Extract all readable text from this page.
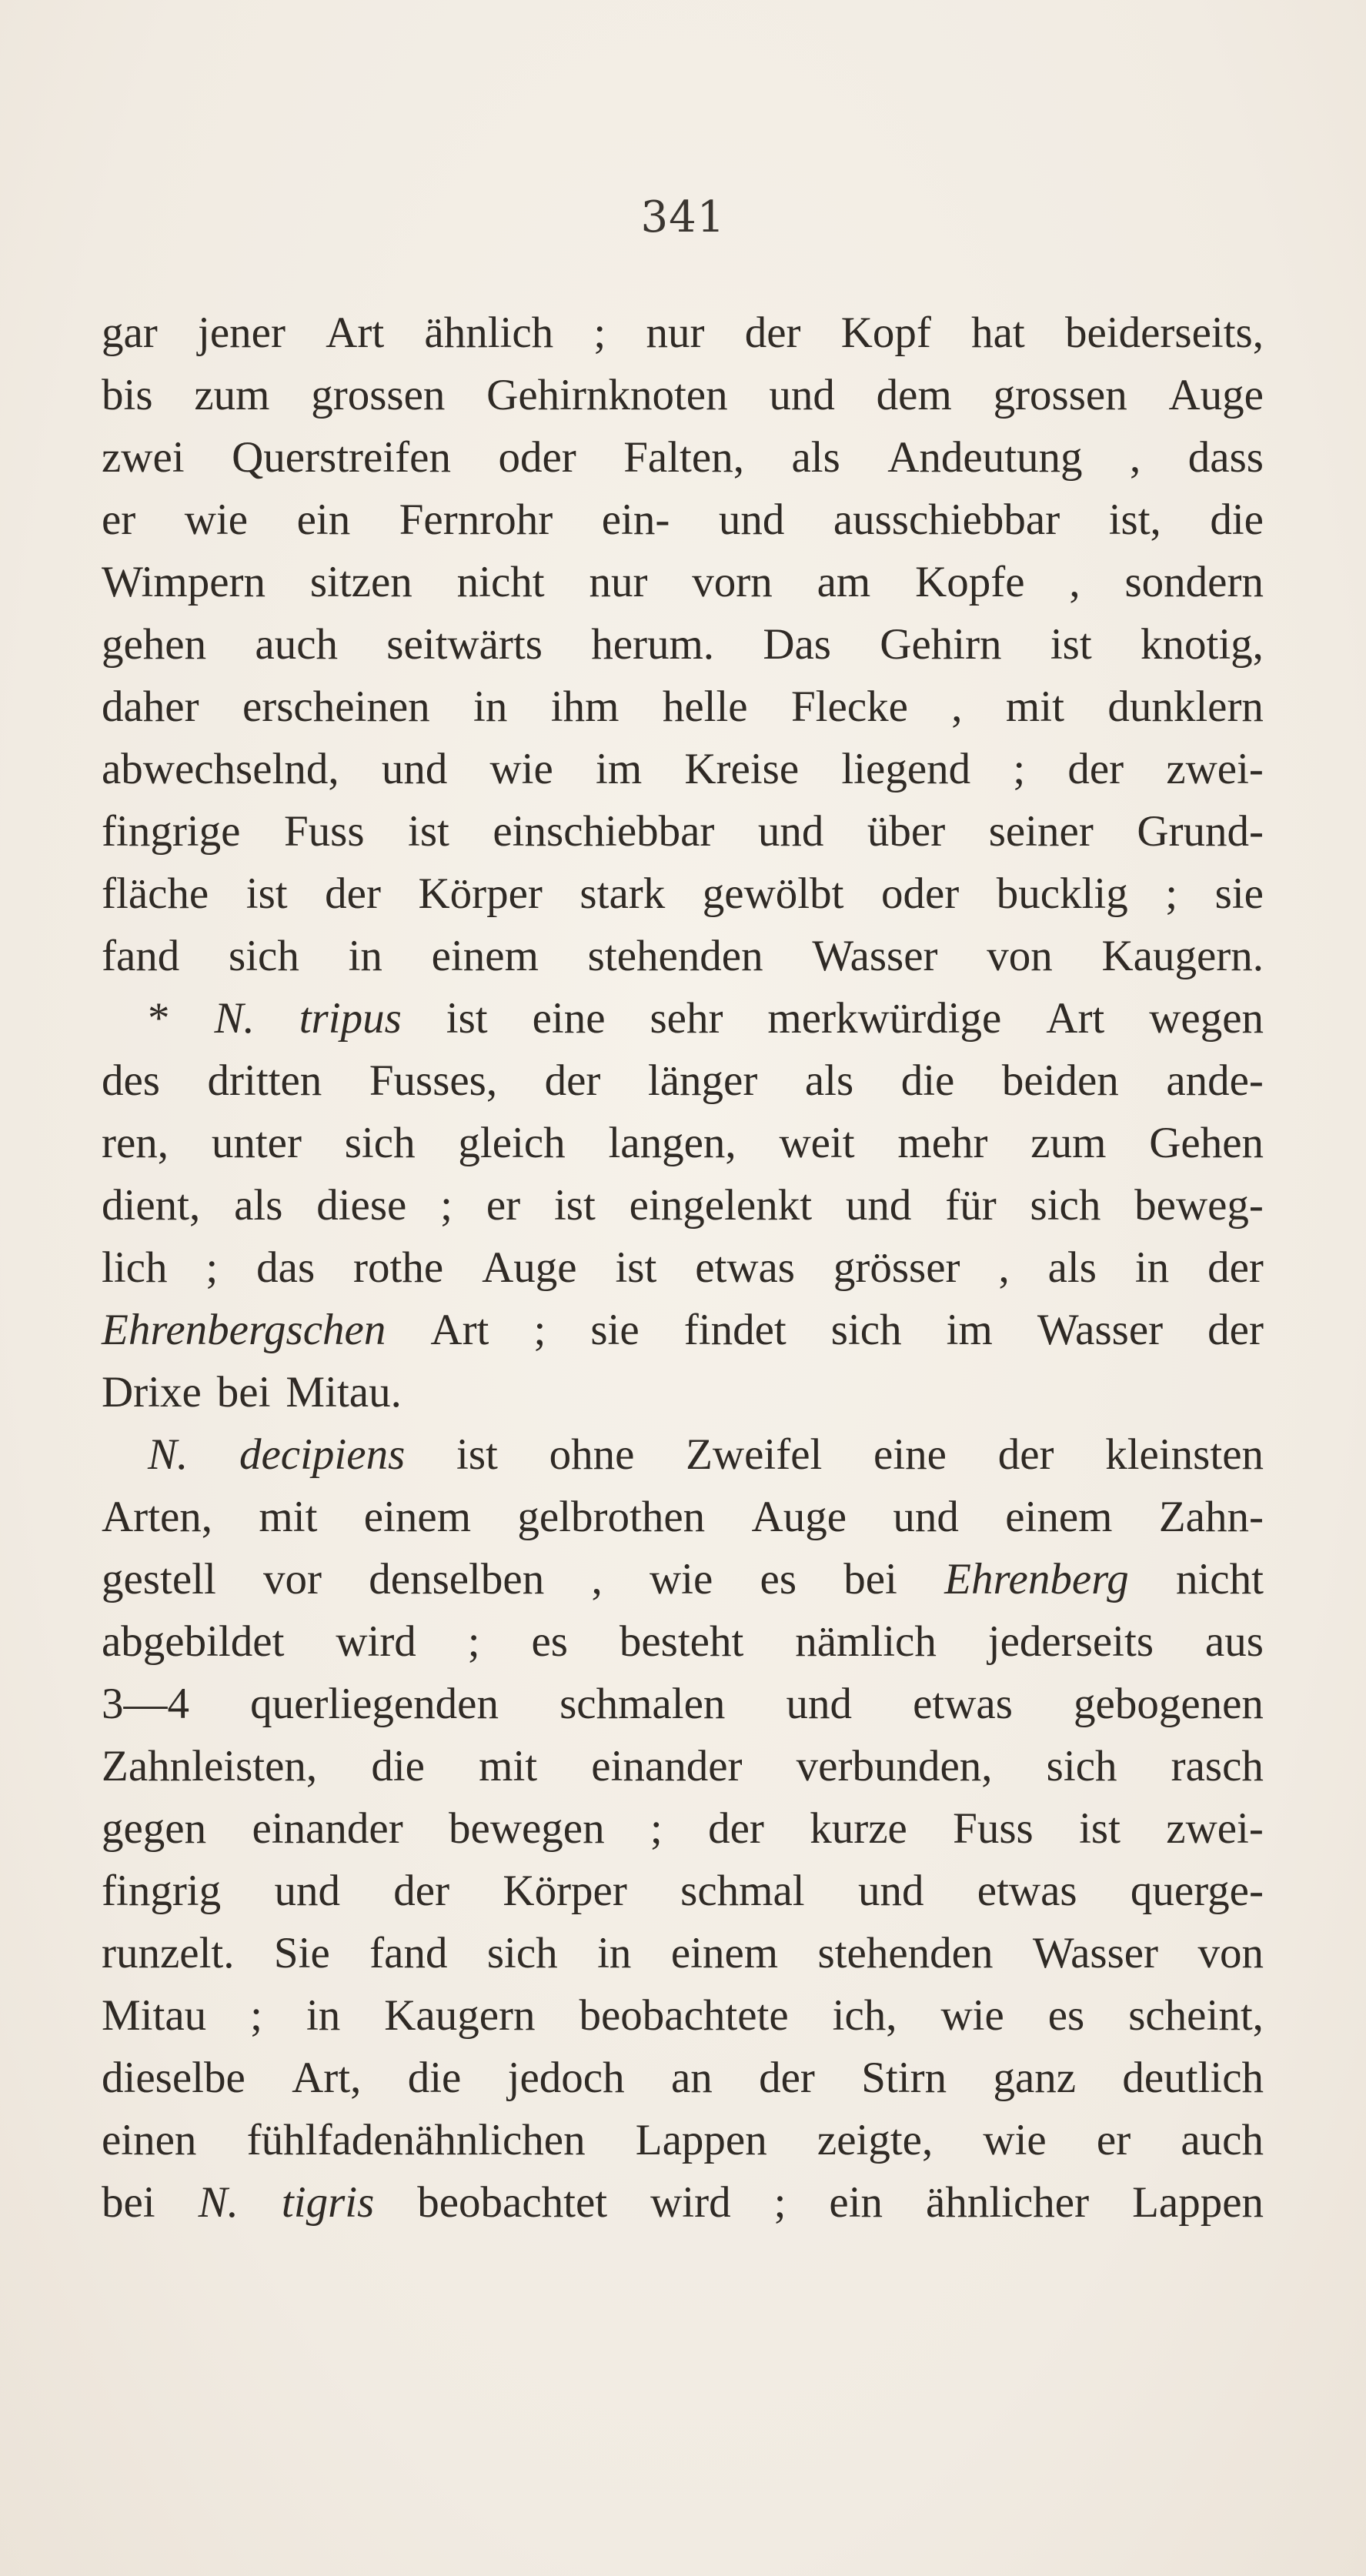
341
gar jener Art ähnlich ; nur der Kopf hat beiderseits,
bis zum grossen Gehirnknoten und dem grossen Auge
zwei Querstreifen oder Falten, als Andeutung , dass
er wie ein Fernrohr ein- und ausschiebbar ist, die
Wimpern sitzen nicht nur vorn am Kopfe , sondern
gehen auch seitwärts herum. Das Gehirn ist knotig,
daher erscheinen in ihm helle Flecke , mit dunklern
abwechselnd, und wie im Kreise liegend ; der zwei-
fingrige Fuss ist einschiebbar und über seiner Grund-
fläche ist der Körper stark gewölbt oder bucklig ; sie
fand sich in einem stehenden Wasser von Kaugern.
* N. tripus ist eine sehr merkwürdige Art wegen
des dritten Fusses, der länger als die beiden ande-
ren, unter sich gleich langen, weit mehr zum Gehen
dient, als diese ; er ist eingelenkt und für sich beweg-
lich ; das rothe Auge ist etwas grösser , als in der
Ehrenbergschen Art ; sie findet sich im Wasser der
Drixe bei Mitau.
N. decipiens ist ohne Zweifel eine der kleinsten
Arten, mit einem gelbrothen Auge und einem Zahn-
gestell vor denselben , wie es bei Ehrenberg nicht
abgebildet wird ; es besteht nämlich jederseits aus
3—4 querliegenden schmalen und etwas gebogenen
Zahnleisten, die mit einander verbunden, sich rasch
gegen einander bewegen ; der kurze Fuss ist zwei-
fingrig und der Körper schmal und etwas querge-
runzelt. Sie fand sich in einem stehenden Wasser von
Mitau ; in Kaugern beobachtete ich, wie es scheint,
dieselbe Art, die jedoch an der Stirn ganz deutlich
einen fühlfadenähnlichen Lappen zeigte, wie er auch
bei N. tigris beobachtet wird ; ein ähnlicher Lappen
